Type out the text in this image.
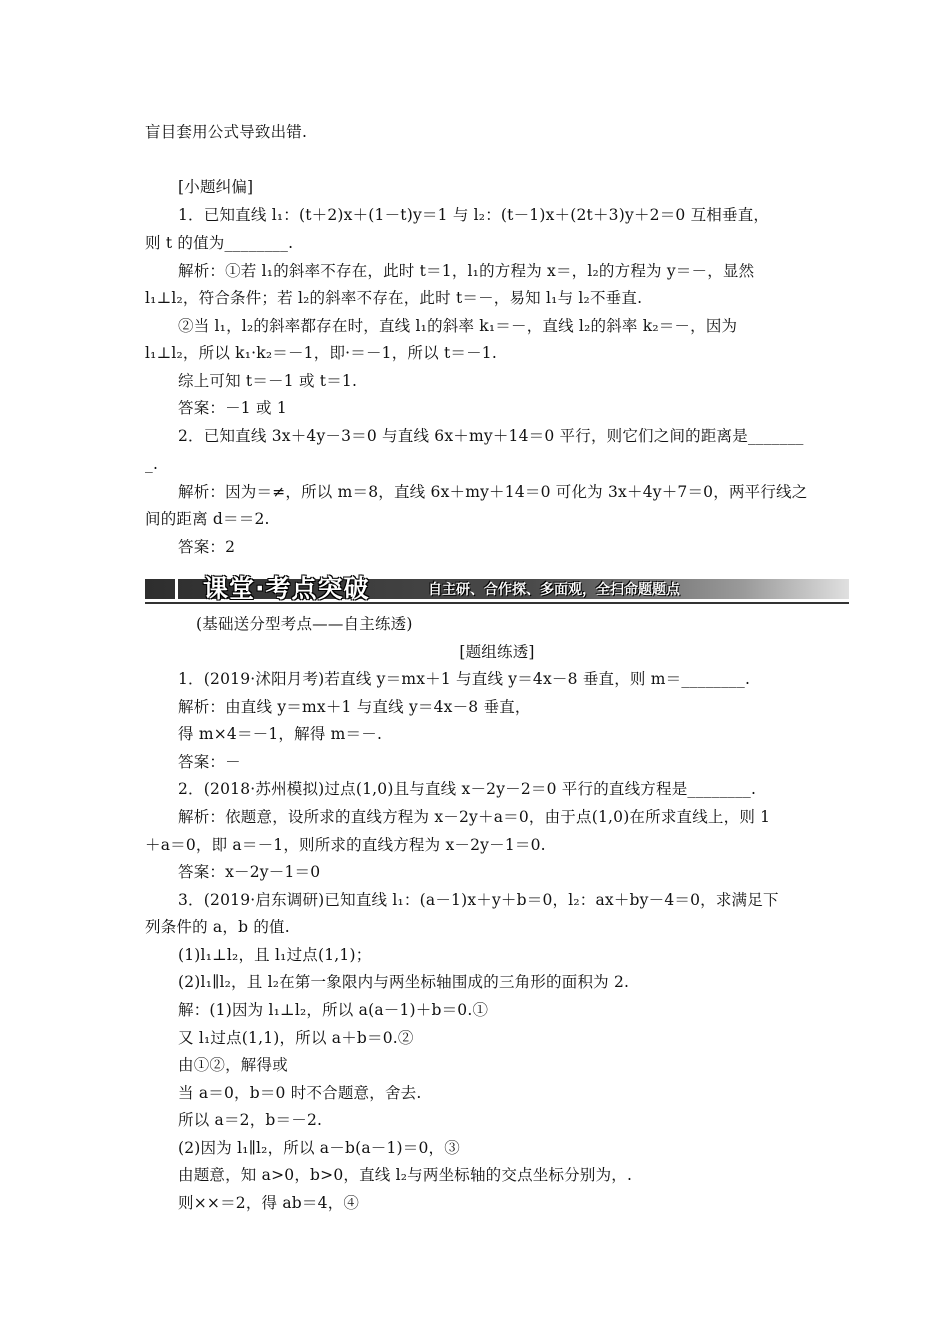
盲目套用公式导致出错.
[小题纠偏]
1．已知直线 l₁：(t＋2)x＋(1－t)y＝1 与 l₂：(t－1)x＋(2t＋3)y＋2＝0 互相垂直，
则 t 的值为________.
解析：①若 l₁的斜率不存在，此时 t＝1，l₁的方程为 x＝，l₂的方程为 y＝－，显然
l₁⊥l₂，符合条件；若 l₂的斜率不存在，此时 t＝－，易知 l₁与 l₂不垂直.
②当 l₁，l₂的斜率都存在时，直线 l₁的斜率 k₁＝－，直线 l₂的斜率 k₂＝－，因为
l₁⊥l₂，所以 k₁·k₂＝－1，即·＝－1，所以 t＝－1.
综上可知 t＝－1 或 t＝1.
答案：－1 或 1
2．已知直线 3x＋4y－3＝0 与直线 6x＋my＋14＝0 平行，则它们之间的距离是_______
_.
解析：因为＝≠，所以 m＝8，直线 6x＋my＋14＝0 可化为 3x＋4y＋7＝0，两平行线之
间的距离 d＝＝2.
答案：2
课堂·考点突破	自主研、合作探、多面观，全扫命题题点
(基础送分型考点——自主练透)
[题组练透]
1．(2019·沭阳月考)若直线 y＝mx＋1 与直线 y＝4x－8 垂直，则 m＝________.
解析：由直线 y＝mx＋1 与直线 y＝4x－8 垂直，
得 m×4＝－1，解得 m＝－.
答案：－
2．(2018·苏州模拟)过点(1,0)且与直线 x－2y－2＝0 平行的直线方程是________.
解析：依题意，设所求的直线方程为 x－2y＋a＝0，由于点(1,0)在所求直线上，则 1
＋a＝0，即 a＝－1，则所求的直线方程为 x－2y－1＝0.
答案：x－2y－1＝0
3．(2019·启东调研)已知直线 l₁：(a－1)x＋y＋b＝0，l₂：ax＋by－4＝0，求满足下
列条件的 a，b 的值.
(1)l₁⊥l₂，且 l₁过点(1,1)；
(2)l₁∥l₂，且 l₂在第一象限内与两坐标轴围成的三角形的面积为 2.
解：(1)因为 l₁⊥l₂，所以 a(a－1)＋b＝0.①
又 l₁过点(1,1)，所以 a＋b＝0.②
由①②，解得或
当 a＝0，b＝0 时不合题意，舍去.
所以 a＝2，b＝－2.
(2)因为 l₁∥l₂，所以 a－b(a－1)＝0，③
由题意，知 a>0，b>0，直线 l₂与两坐标轴的交点坐标分别为，.
则××＝2，得 ab＝4，④
